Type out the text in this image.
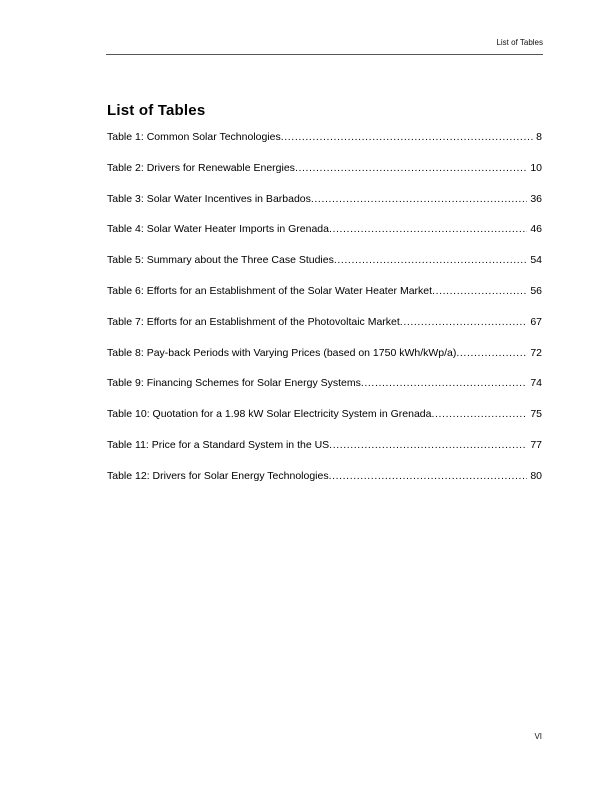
List of Tables
List of Tables
Table 1: Common Solar Technologies .....	8
Table 2: Drivers for Renewable Energies .....	10
Table 3: Solar Water Incentives in Barbados .....	36
Table 4: Solar Water Heater Imports in Grenada .....	46
Table 5: Summary about the Three Case Studies .....	54
Table 6: Efforts for an Establishment of the Solar Water Heater Market .....	56
Table 7: Efforts for an Establishment of the Photovoltaic Market .....	67
Table 8: Pay-back Periods with Varying Prices (based on 1750 kWh/kWp/a) .....	72
Table 9: Financing Schemes for Solar Energy Systems .....	74
Table 10: Quotation for a 1.98 kW Solar Electricity System in Grenada .....	75
Table 11: Price for a Standard System in the US .....	77
Table 12: Drivers for Solar Energy Technologies .....	80
VI
